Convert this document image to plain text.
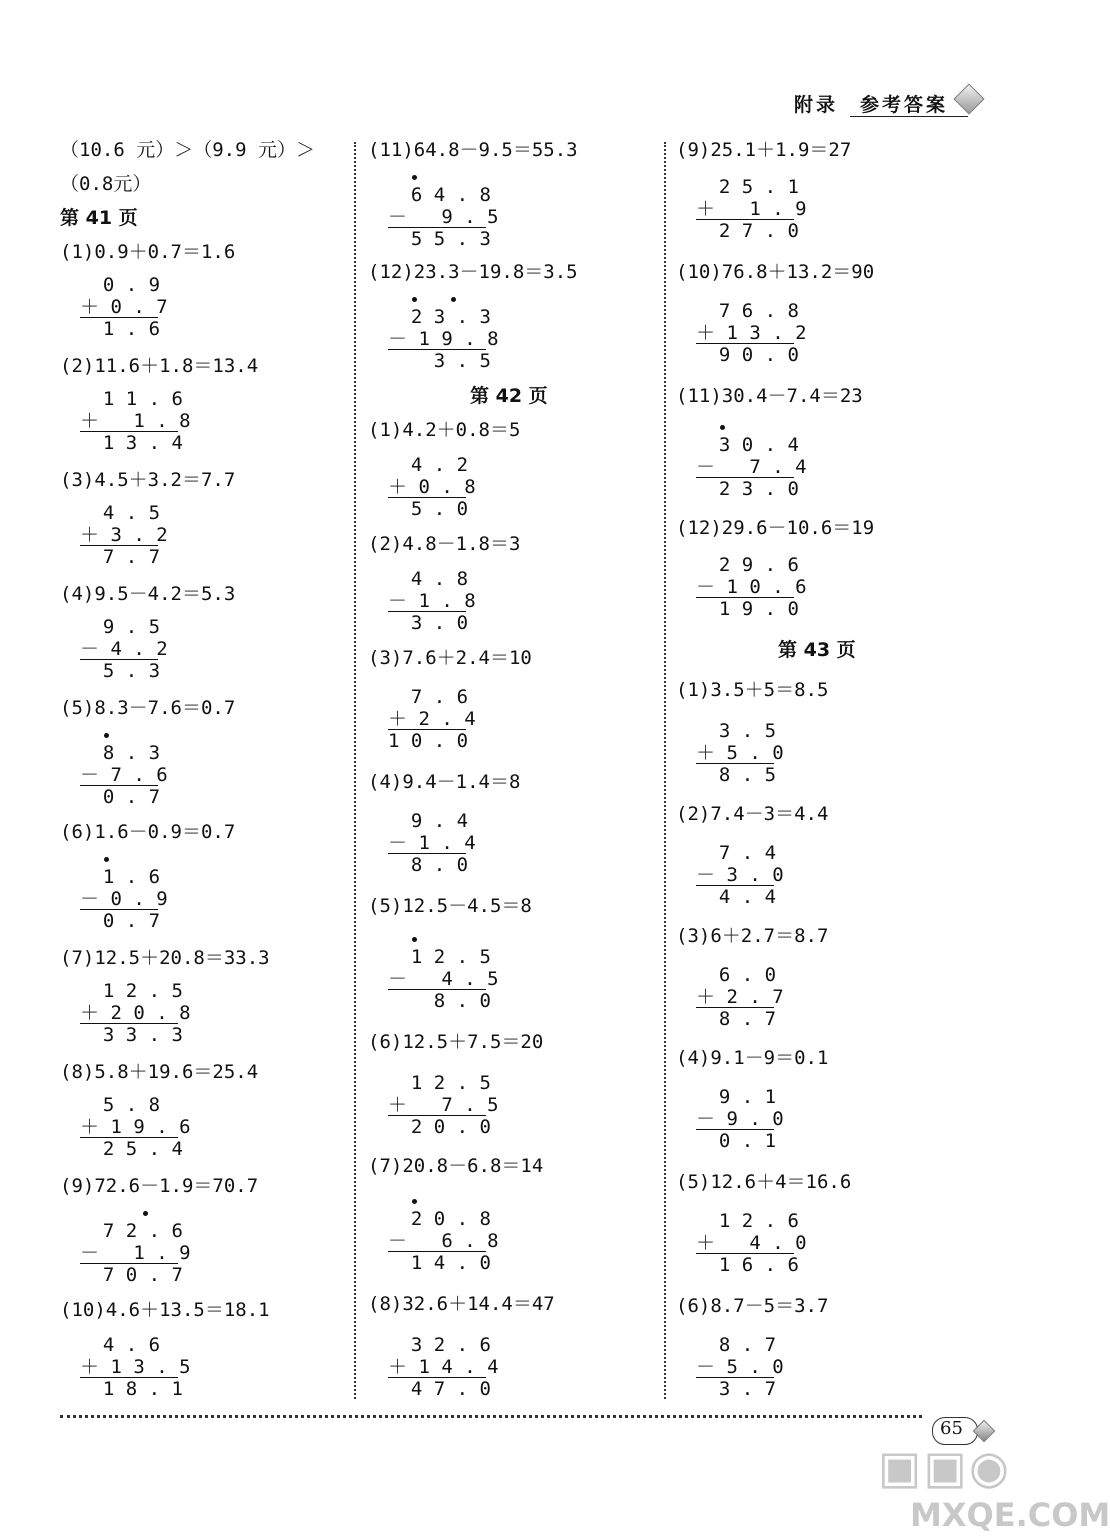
附录　参考答案
（10.6 元）＞（9.9 元）＞
（0.8元）
第 41 页
(1)0.9＋0.7＝1.6
0 . 9
＋ 0 . 7
1 . 6
(2)11.6＋1.8＝13.4
1 1 . 6
＋   1 . 8
1 3 . 4
(3)4.5＋3.2＝7.7
4 . 5
＋ 3 . 2
7 . 7
(4)9.5－4.2＝5.3
9 . 5
－ 4 . 2
5 . 3
(5)8.3－7.6＝0.7
8 . 3
－ 7 . 6
0 . 7
(6)1.6－0.9＝0.7
1 . 6
－ 0 . 9
0 . 7
(7)12.5＋20.8＝33.3
1 2 . 5
＋ 2 0 . 8
3 3 . 3
(8)5.8＋19.6＝25.4
5 . 8
＋ 1 9 . 6
2 5 . 4
(9)72.6－1.9＝70.7
7 2 . 6
－   1 . 9
7 0 . 7
(10)4.6＋13.5＝18.1
4 . 6
＋ 1 3 . 5
1 8 . 1
(11)64.8－9.5＝55.3
6 4 . 8
－   9 . 5
5 5 . 3
(12)23.3－19.8＝3.5
2 3 . 3
－ 1 9 . 8
3 . 5
第 42 页
(1)4.2＋0.8＝5
4 . 2
＋ 0 . 8
5 . 0
(2)4.8－1.8＝3
4 . 8
－ 1 . 8
3 . 0
(3)7.6＋2.4＝10
7 . 6
＋ 2 . 4
1 0 . 0
(4)9.4－1.4＝8
9 . 4
－ 1 . 4
8 . 0
(5)12.5－4.5＝8
1 2 . 5
－   4 . 5
8 . 0
(6)12.5＋7.5＝20
1 2 . 5
＋   7 . 5
2 0 . 0
(7)20.8－6.8＝14
2 0 . 8
－   6 . 8
1 4 . 0
(8)32.6＋14.4＝47
3 2 . 6
＋ 1 4 . 4
4 7 . 0
(9)25.1＋1.9＝27
2 5 . 1
＋   1 . 9
2 7 . 0
(10)76.8＋13.2＝90
7 6 . 8
＋ 1 3 . 2
9 0 . 0
(11)30.4－7.4＝23
3 0 . 4
－   7 . 4
2 3 . 0
(12)29.6－10.6＝19
2 9 . 6
－ 1 0 . 6
1 9 . 0
第 43 页
(1)3.5＋5＝8.5
3 . 5
＋ 5 . 0
8 . 5
(2)7.4－3＝4.4
7 . 4
－ 3 . 0
4 . 4
(3)6＋2.7＝8.7
6 . 0
＋ 2 . 7
8 . 7
(4)9.1－9＝0.1
9 . 1
－ 9 . 0
0 . 1
(5)12.6＋4＝16.6
1 2 . 6
＋   4 . 0
1 6 . 6
(6)8.7－5＝3.7
8 . 7
－ 5 . 0
3 . 7
65
▣▣◉
MXQE.COM
